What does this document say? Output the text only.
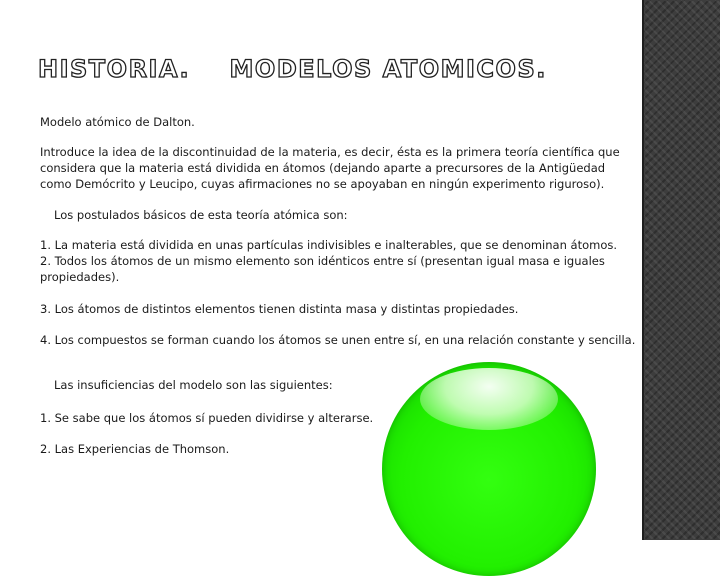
HISTORIA.    MODELOS ATOMICOS.

Modelo atómico de Dalton.

Introduce la idea de la discontinuidad de la materia, es decir, ésta es la primera teoría científica que considera que la materia está dividida en átomos (dejando aparte a precursores de la Antigüedad como Demócrito y Leucipo, cuyas afirmaciones no se apoyaban en ningún experimento riguroso).

Los postulados básicos de esta teoría atómica son:

1. La materia está dividida en unas partículas indivisibles e inalterables, que se denominan átomos.

2. Todos los átomos de un mismo elemento son idénticos entre sí (presentan igual masa e iguales propiedades).

3. Los átomos de distintos elementos tienen distinta masa y distintas propiedades.

4. Los compuestos se forman cuando los átomos se unen entre sí, en una relación constante y sencilla.

Las insuficiencias del modelo son las siguientes:

1. Se sabe que los átomos sí pueden dividirse y alterarse.

2. Las Experiencias de Thomson.
